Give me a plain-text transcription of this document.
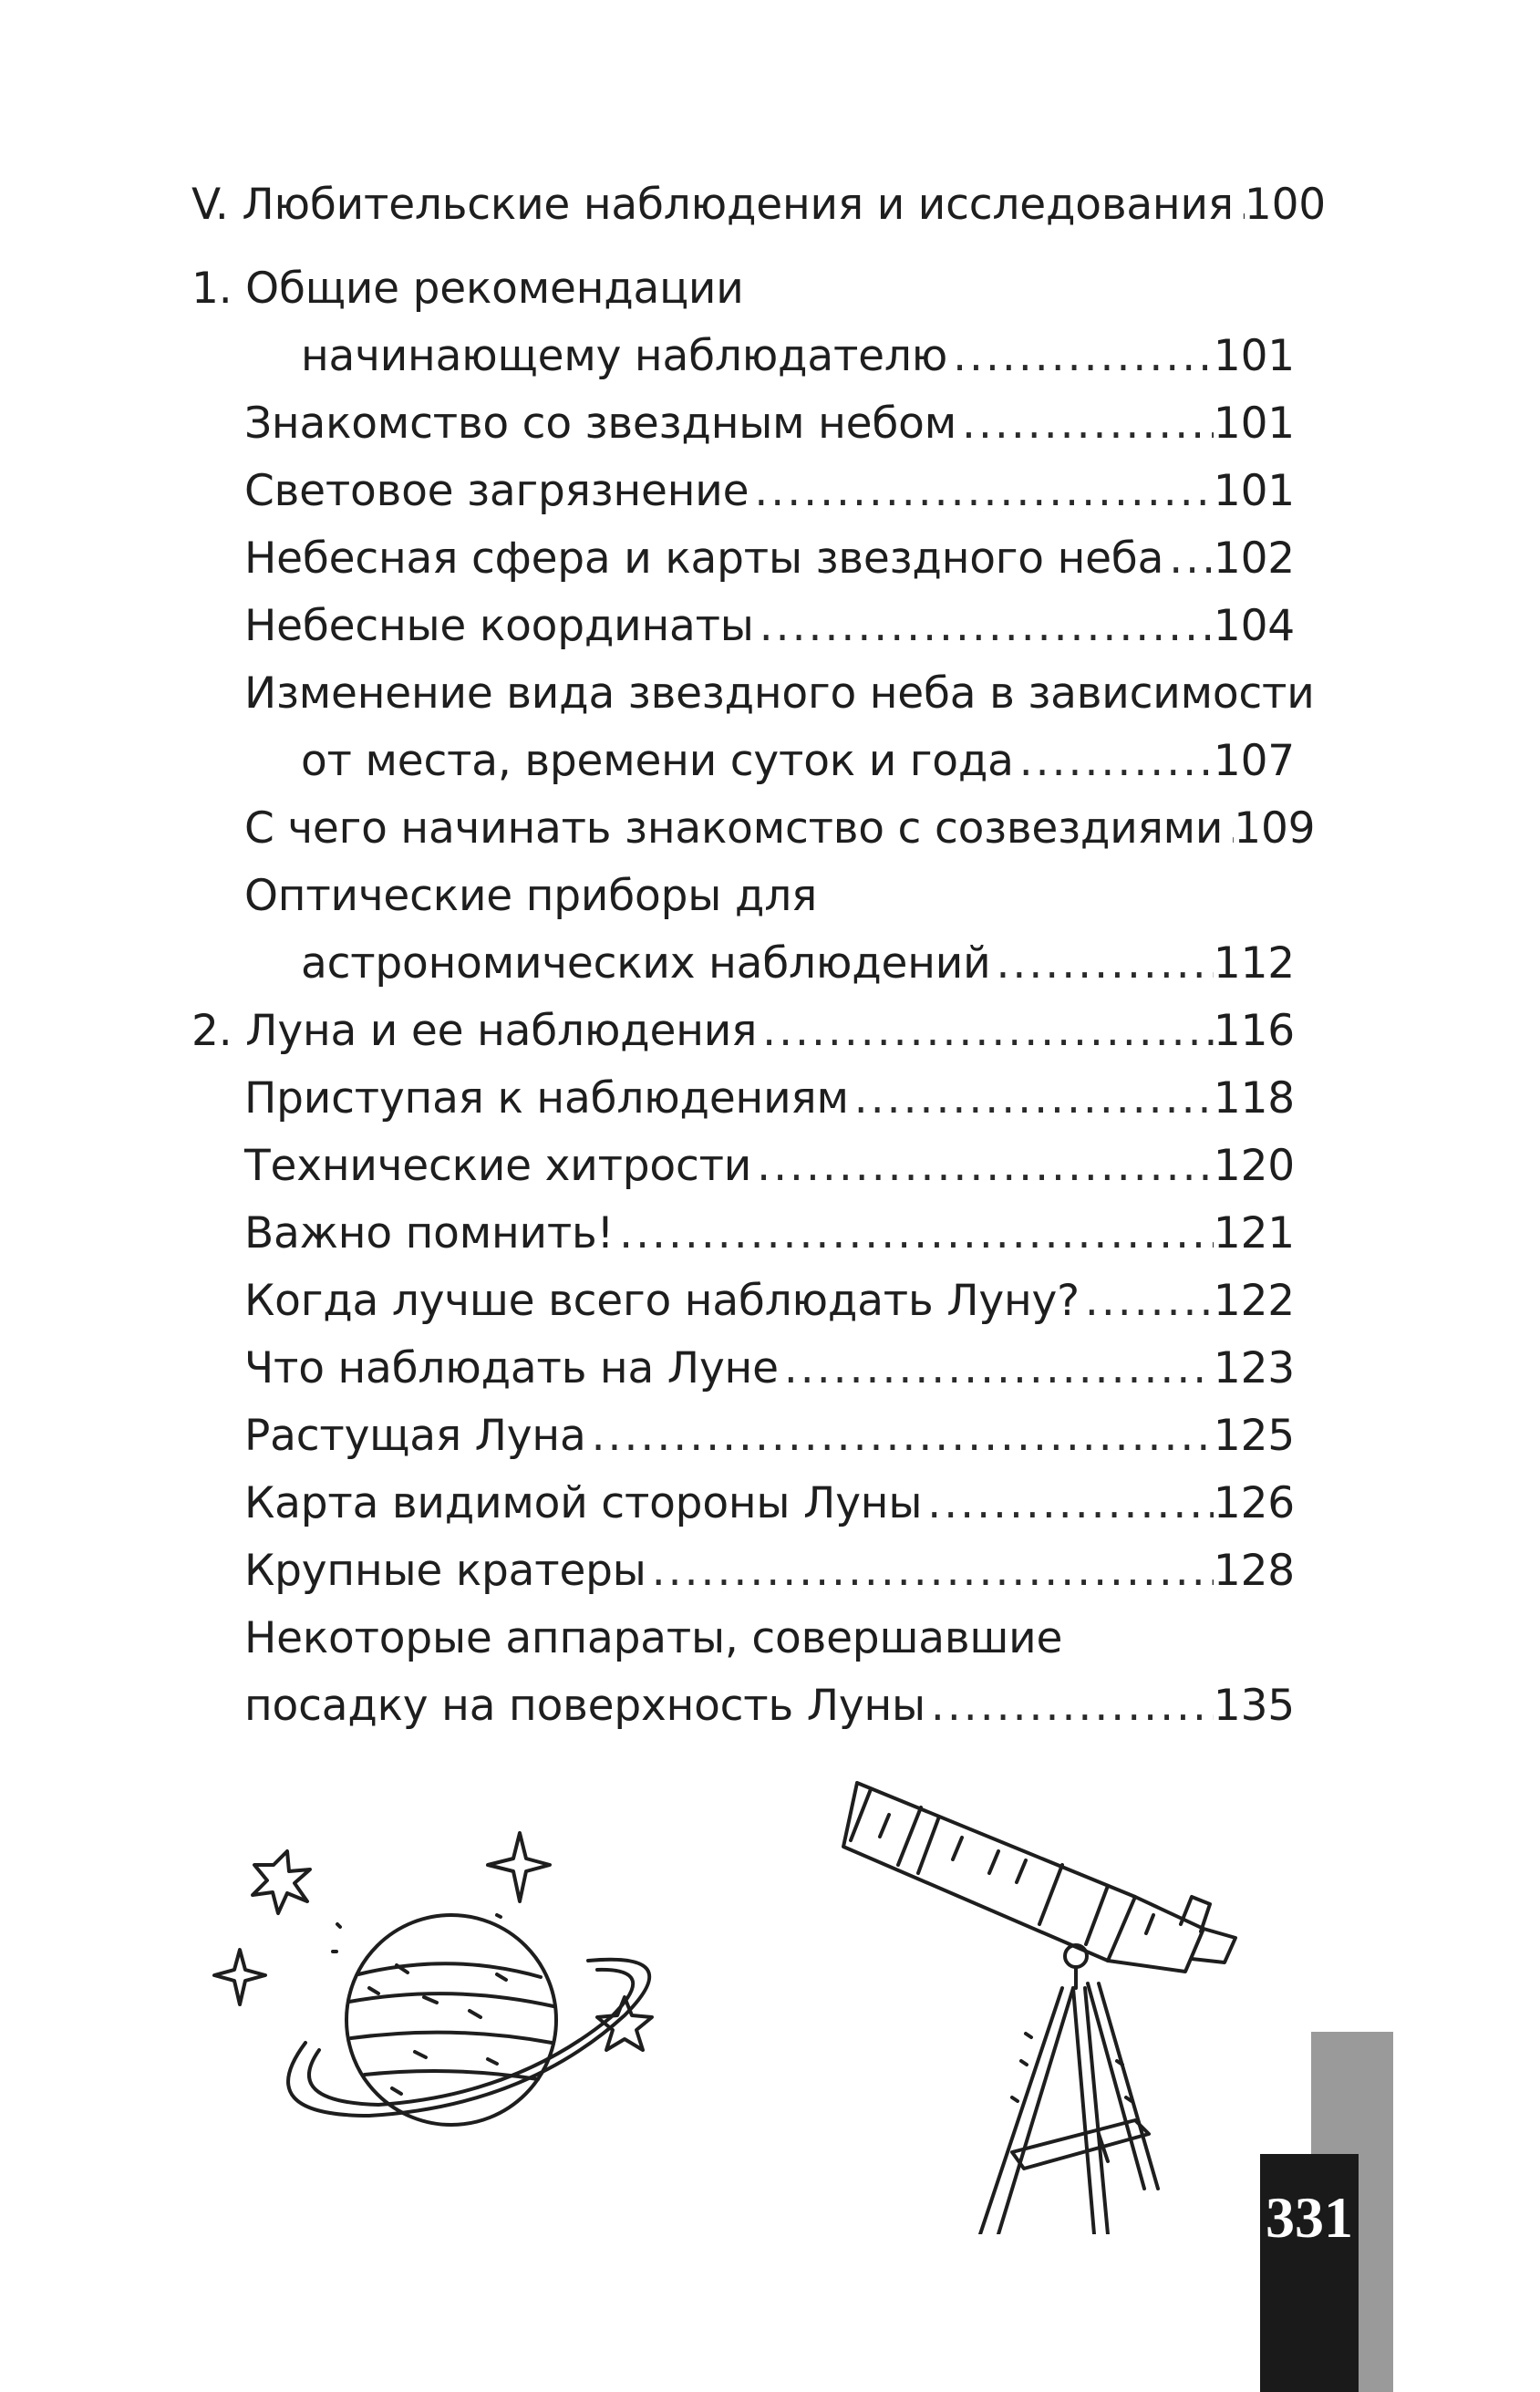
V. Любительские наблюдения и исследования ..... 100
1. Общие рекомендации
начинающему наблюдателю .....	101
Знакомство со звездным небом .....	101
Световое загрязнение .....	101
Небесная сфера и карты звездного неба ..... 102
Небесные координаты .....	104
Изменение вида звездного неба в зависимости
от места, времени суток и года .....	107
С чего начинать знакомство с созвездиями ..... 109
Оптические приборы для
астрономических наблюдений .....	112
2. Луна и ее наблюдения .....	116
Приступая к наблюдениям .....	118
Технические хитрости .....	120
Важно помнить! .....	121
Когда лучше всего наблюдать Луну? .....	122
Что наблюдать на Луне .....	123
Растущая Луна .....	125
Карта видимой стороны Луны .....	126
Крупные кратеры .....	128
Некоторые аппараты, совершавшие
посадку на поверхность Луны .....	135
331
